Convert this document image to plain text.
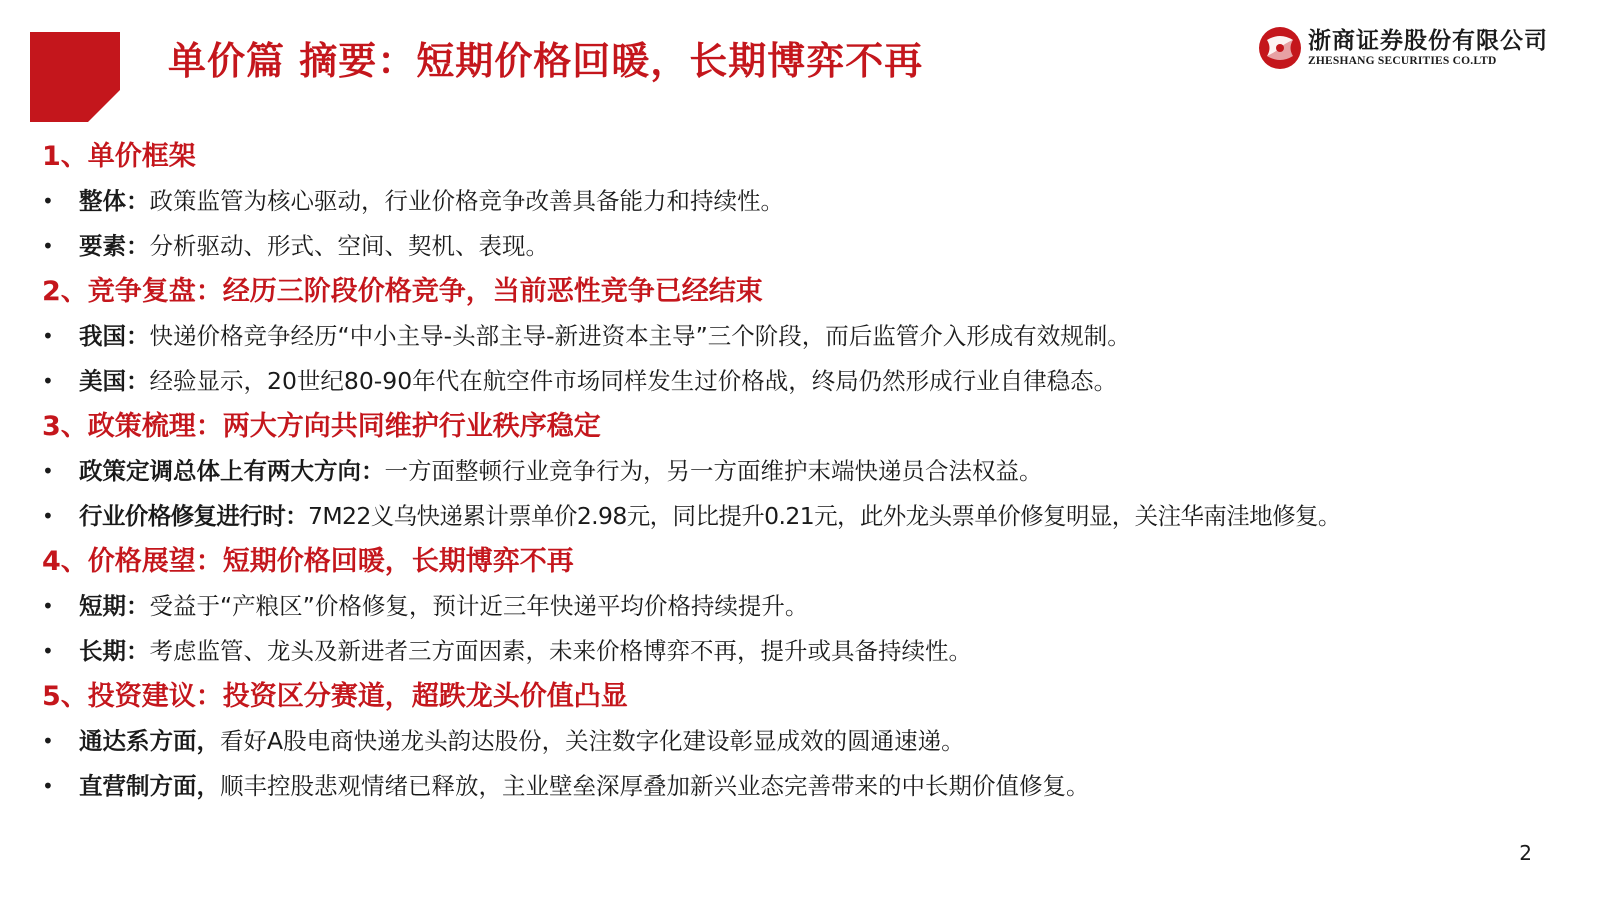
单价篇 摘要：短期价格回暖，长期博弈不再	浙商证券股份有限公司
ZHESHANG SECURITIES CO.LTD
1、单价框架
• 整体：政策监管为核心驱动，行业价格竞争改善具备能力和持续性。
• 要素：分析驱动、形式、空间、契机、表现。
2、竞争复盘：经历三阶段价格竞争，当前恶性竞争已经结束
• 我国：快递价格竞争经历“中小主导-头部主导-新进资本主导”三个阶段，而后监管介入形成有效规制。
• 美国：经验显示，20世纪80-90年代在航空件市场同样发生过价格战，终局仍然形成行业自律稳态。
3、政策梳理：两大方向共同维护行业秩序稳定
• 政策定调总体上有两大方向：一方面整顿行业竞争行为，另一方面维护末端快递员合法权益。
• 行业价格修复进行时：7M22义乌快递累计票单价2.98元，同比提升0.21元，此外龙头票单价修复明显，关注华南洼地修复。
4、价格展望：短期价格回暖，长期博弈不再
• 短期：受益于“产粮区”价格修复，预计近三年快递平均价格持续提升。
• 长期：考虑监管、龙头及新进者三方面因素，未来价格博弈不再，提升或具备持续性。
5、投资建议：投资区分赛道，超跌龙头价值凸显
• 通达系方面，看好A股电商快递龙头韵达股份，关注数字化建设彰显成效的圆通速递。
• 直营制方面，顺丰控股悲观情绪已释放，主业壁垒深厚叠加新兴业态完善带来的中长期价值修复。
2
